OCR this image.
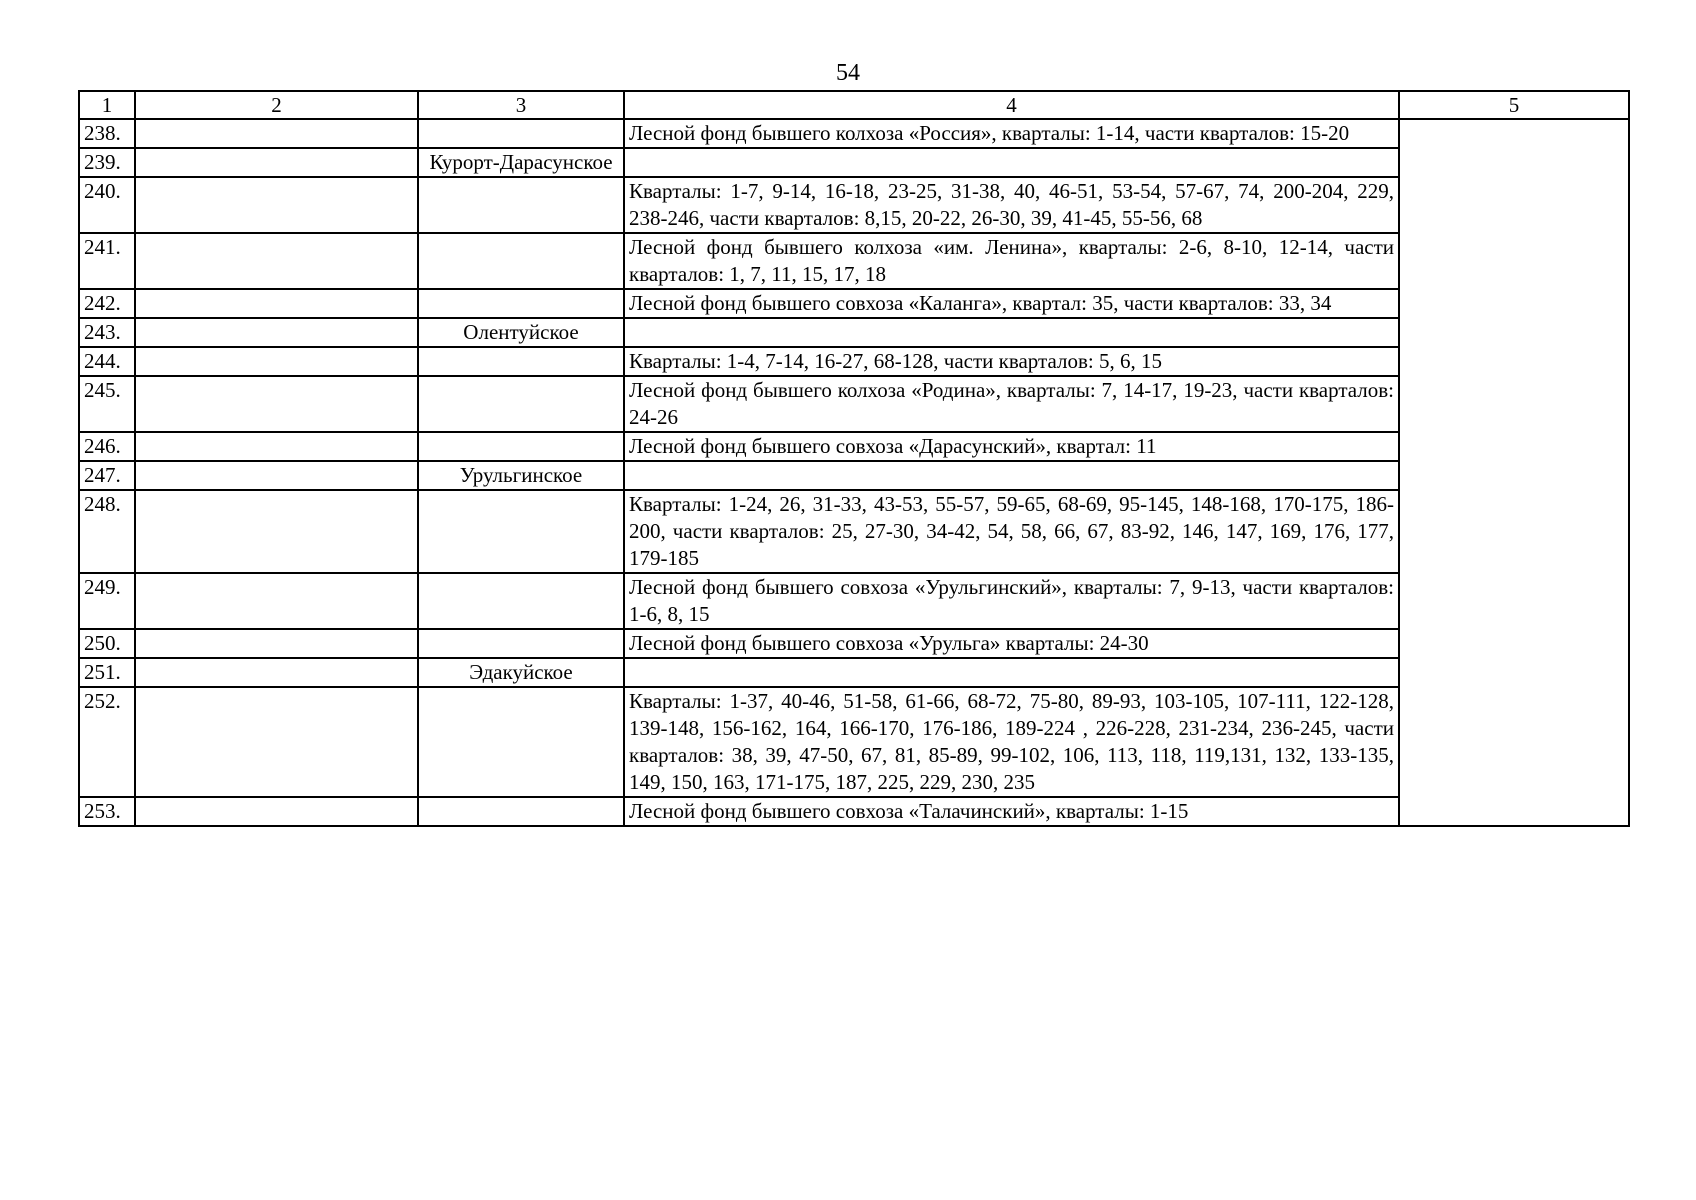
54
1	2	3	4	5
238.			Лесной фонд бывшего колхоза «Россия», кварталы: 1-14, части кварталов: 15-20	
239.		Курорт-Дарасунское		
240.			Кварталы: 1-7, 9-14, 16-18, 23-25, 31-38, 40, 46-51, 53-54, 57-67, 74, 200-204, 229, 238-246, части кварталов: 8,15, 20-22, 26-30, 39, 41-45, 55-56, 68	
241.			Лесной фонд бывшего колхоза «им. Ленина», кварталы: 2-6, 8-10, 12-14, части кварталов: 1, 7, 11, 15, 17, 18	
242.			Лесной фонд бывшего совхоза «Каланга», квартал: 35, части кварталов: 33, 34	
243.		Олентуйское		
244.			Кварталы: 1-4, 7-14, 16-27, 68-128, части кварталов: 5, 6, 15	
245.			Лесной фонд бывшего колхоза «Родина», кварталы: 7, 14-17, 19-23, части кварталов: 24-26	
246.			Лесной фонд бывшего совхоза «Дарасунский», квартал: 11	
247.		Урульгинское		
248.			Кварталы: 1-24, 26, 31-33, 43-53, 55-57, 59-65, 68-69, 95-145, 148-168, 170-175, 186-200, части кварталов: 25, 27-30, 34-42, 54, 58, 66, 67, 83-92, 146, 147, 169, 176, 177, 179-185	
249.			Лесной фонд бывшего совхоза «Урульгинский», кварталы: 7, 9-13, части кварталов: 1-6, 8, 15	
250.			Лесной фонд бывшего совхоза «Урульга» кварталы: 24-30	
251.		Эдакуйское		
252.			Кварталы: 1-37, 40-46, 51-58, 61-66, 68-72, 75-80, 89-93, 103-105, 107-111, 122-128, 139-148, 156-162, 164, 166-170, 176-186, 189-224 , 226-228, 231-234, 236-245, части кварталов: 38, 39, 47-50, 67, 81, 85-89, 99-102, 106, 113, 118, 119,131, 132, 133-135, 149, 150, 163, 171-175, 187, 225, 229, 230, 235	
253.			Лесной фонд бывшего совхоза «Талачинский», кварталы: 1-15	
